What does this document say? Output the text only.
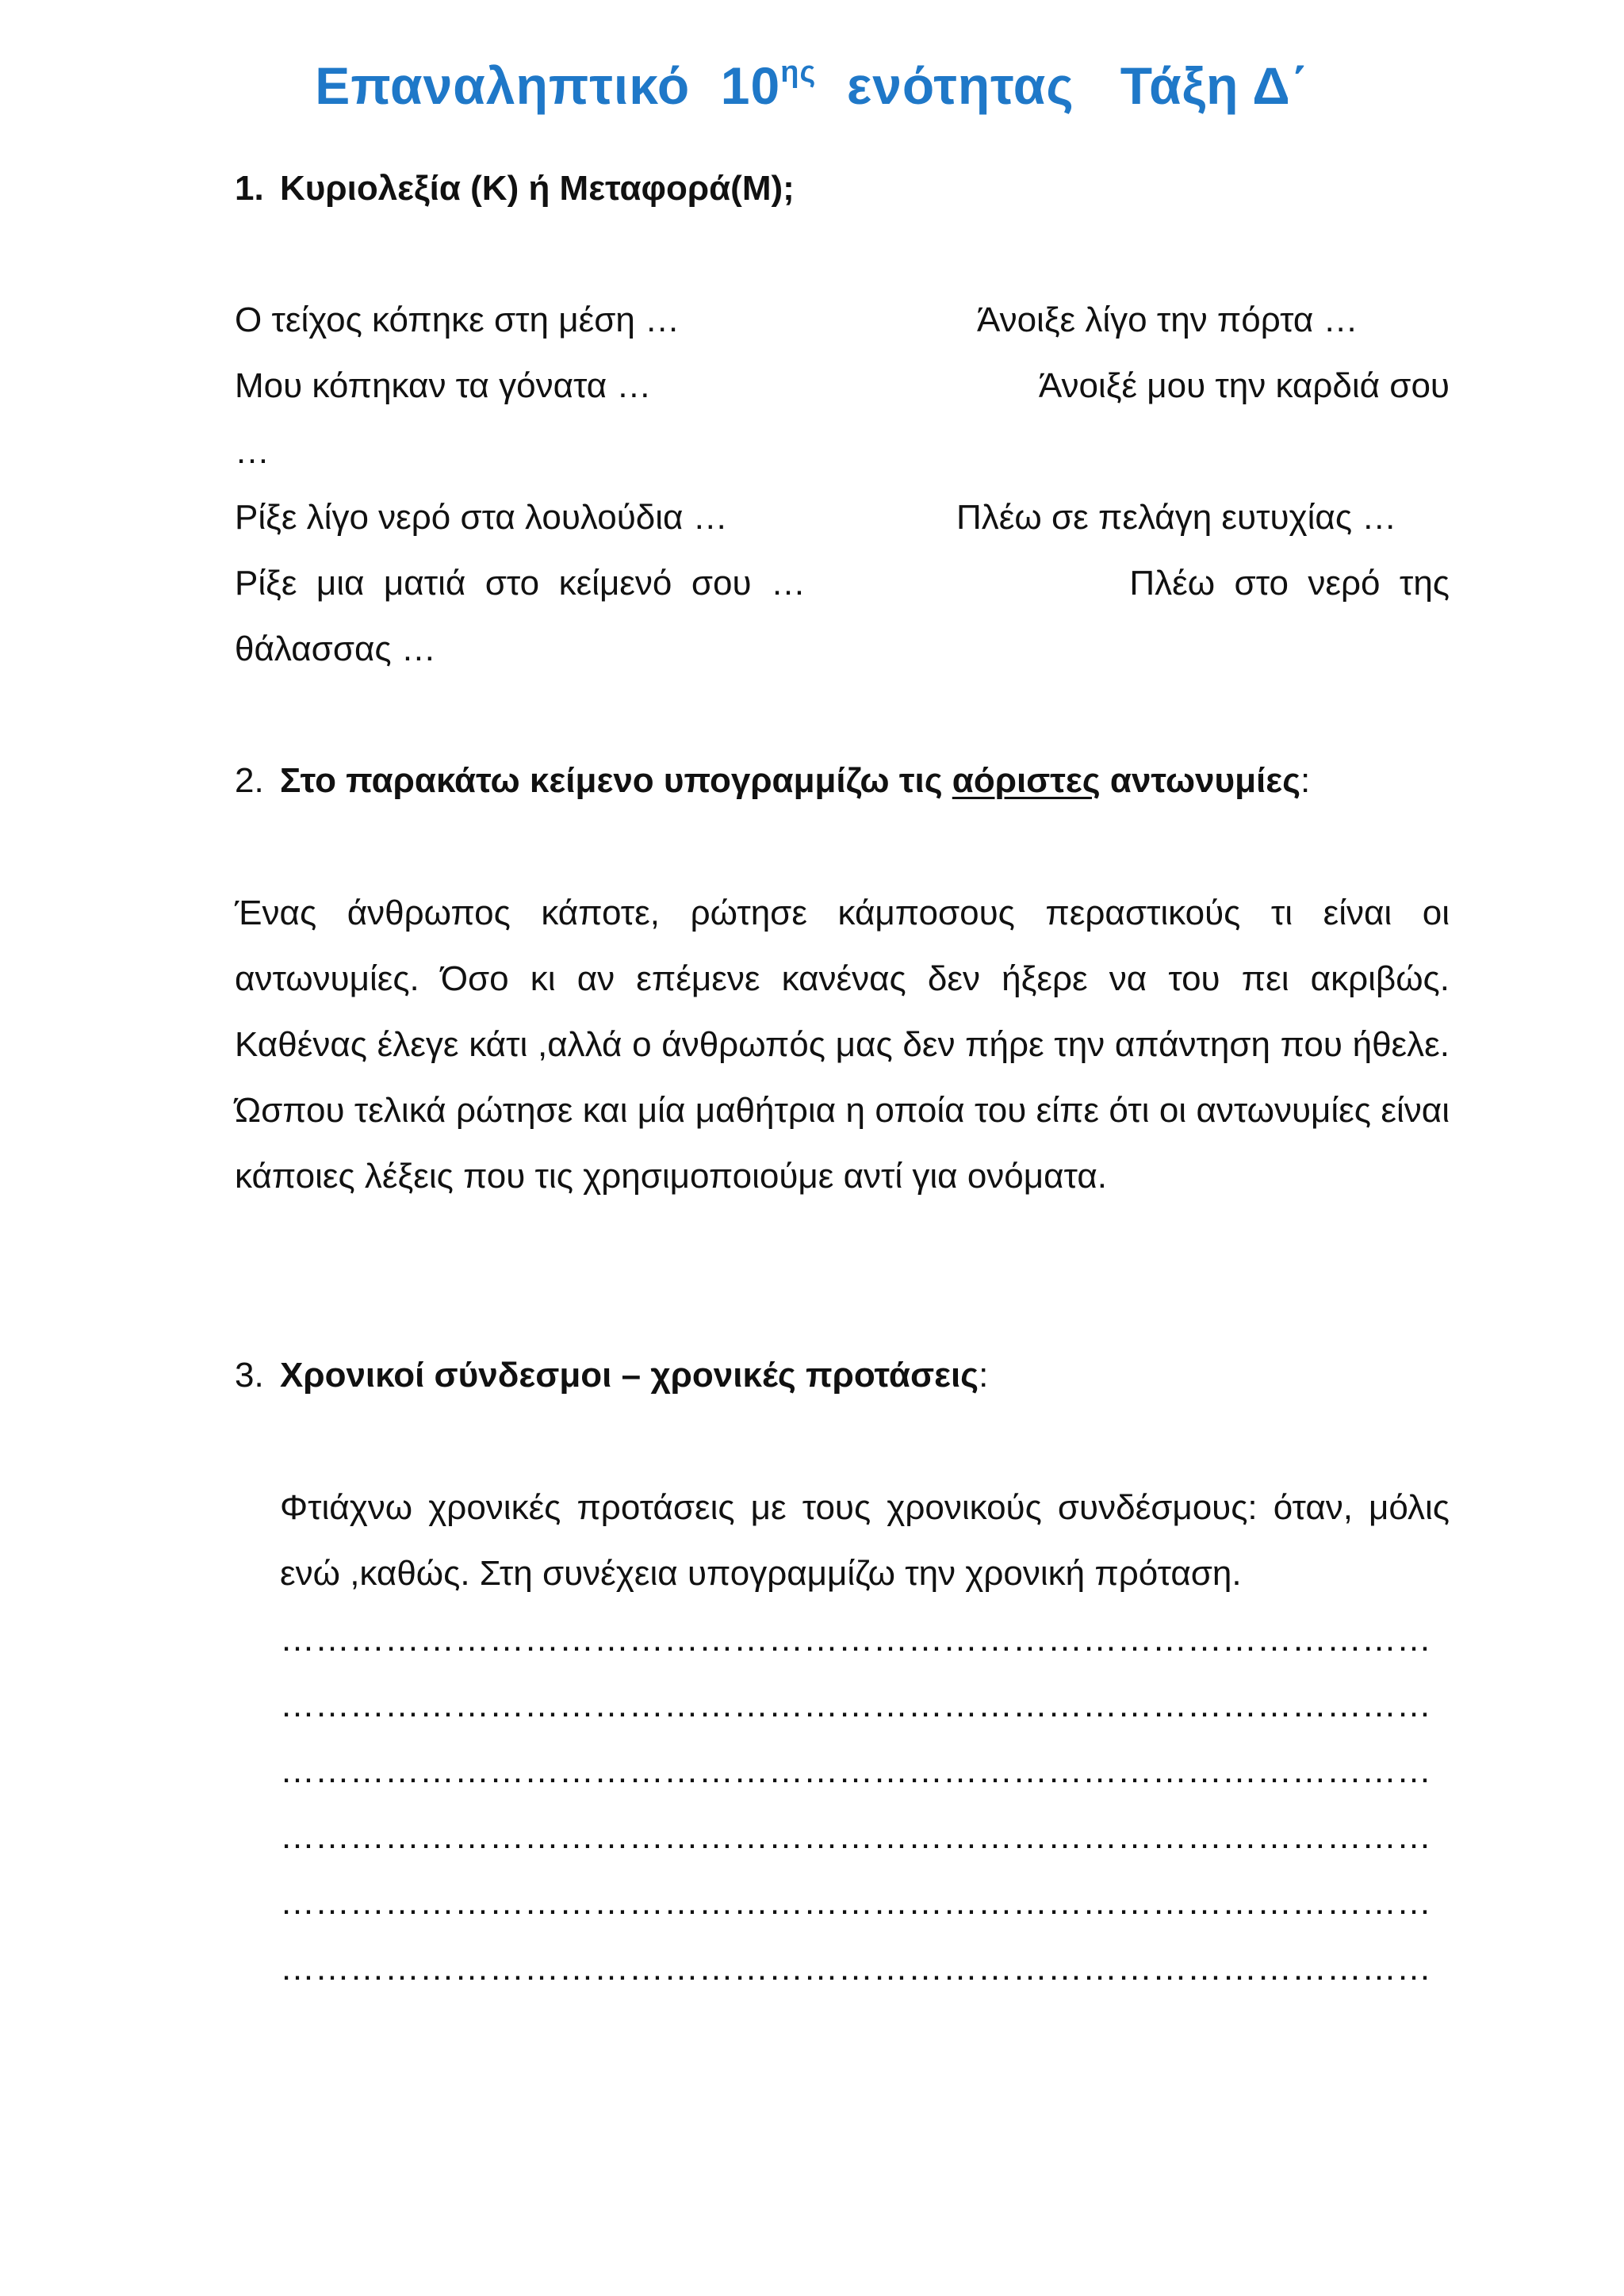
Επαναληπτικό  $10^{\eta\varsigma}$  ενότητας   Τάξη Δ΄
1. Κυριολεξία (Κ) ή Μεταφορά(Μ);
Ο τείχος κόπηκε στη μέση …
Μου κόπηκαν τα γόνατα …
…
Ρίξε λίγο νερό στα λουλούδια …
Ρίξε  μια  ματιά  στο  κείμενό  σου  …
θάλασσας …
Άνοιξε λίγο την πόρτα …
Άνοιξέ μου την καρδιά σου
Πλέω σε πελάγη ευτυχίας …
Πλέω  στο  νερό  της
2. Στο παρακάτω κείμενο υπογραμμίζω τις αόριστες αντωνυμίες:
Ένας άνθρωπος κάποτε, ρώτησε κάμποσους περαστικούς τι είναι οι αντωνυμίες. Όσο κι αν επέμενε κανένας δεν ήξερε να του πει ακριβώς. Καθένας έλεγε κάτι ,αλλά ο άνθρωπός μας δεν πήρε την απάντηση που ήθελε. Ώσπου τελικά ρώτησε και μία μαθήτρια η οποία του είπε ότι οι αντωνυμίες είναι κάποιες λέξεις που τις χρησιμοποιούμε αντί για ονόματα.
3. Χρονικοί σύνδεσμοι – χρονικές προτάσεις:
Φτιάχνω χρονικές προτάσεις με τους χρονικούς συνδέσμους: όταν, μόλις ενώ ,καθώς. Στη συνέχεια υπογραμμίζω την χρονική πρόταση.
………………………………………………………………………………………
………………………………………………………………………………………
………………………………………………………………………………………
………………………………………………………………………………………
………………………………………………………………………………………
………………………………………………………………………………………
